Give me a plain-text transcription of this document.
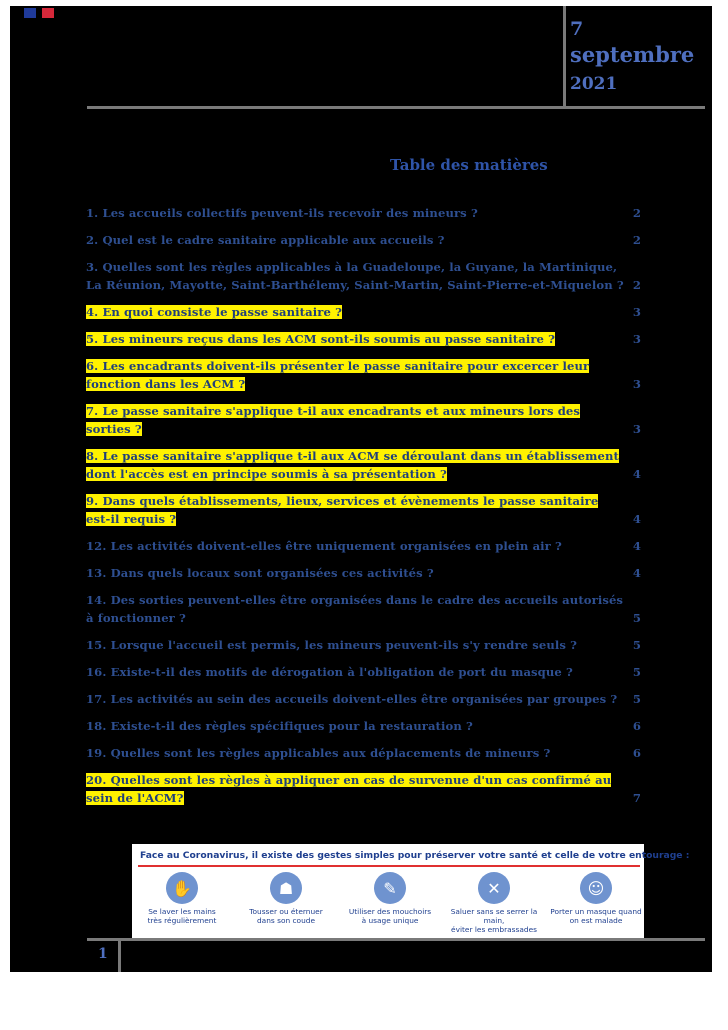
7
septembre
2021
Table des matières
1. Les accueils collectifs peuvent-ils recevoir des mineurs ?	2
2. Quel est le cadre sanitaire applicable aux accueils ?	2
3. Quelles sont les règles applicables à la Guadeloupe, la Guyane, la Martinique,
La Réunion, Mayotte, Saint-Barthélemy, Saint-Martin, Saint-Pierre-et-Miquelon ? 2
4. En quoi consiste le passe sanitaire ?	3
5. Les mineurs reçus dans les ACM sont-ils soumis au passe sanitaire ?	3
6. Les encadrants doivent-ils présenter le passe sanitaire pour excercer leur
fonction dans les ACM ?	3
7. Le passe sanitaire s'applique t-il aux encadrants et aux mineurs lors des
sorties ?	3
8. Le passe sanitaire s'applique t-il aux ACM se déroulant dans un établissement
dont l'accès est en principe soumis à sa présentation ?	4
9. Dans quels établissements, lieux, services et évènements le passe sanitaire
est-il requis ?	4
12. Les activités doivent-elles être uniquement organisées en plein air ?	4
13. Dans quels locaux sont organisées ces activités ?	4
14. Des sorties peuvent-elles être organisées dans le cadre des accueils autorisés
à fonctionner ?	5
15. Lorsque l'accueil est permis, les mineurs peuvent-ils s'y rendre seuls ?	5
16. Existe-t-il des motifs de dérogation à l'obligation de port du masque ?	5
17. Les activités au sein des accueils doivent-elles être organisées par groupes ? 5
18. Existe-t-il des règles spécifiques pour la restauration ?	6
19. Quelles sont les règles applicables aux déplacements de mineurs ?	6
20. Quelles sont les règles à appliquer en cas de survenue d'un cas confirmé au
sein de l'ACM?	7
Face au Coronavirus, il existe des gestes simples pour préserver votre santé et celle de votre entourage :
✋
Se laver les mains
très régulièrement
☗
Tousser ou éternuer
dans son coude
✎
Utiliser des mouchoirs
à usage unique
✕
Saluer sans se serrer la main,
éviter les embrassades
☺
Porter un masque quand
on est malade
1
